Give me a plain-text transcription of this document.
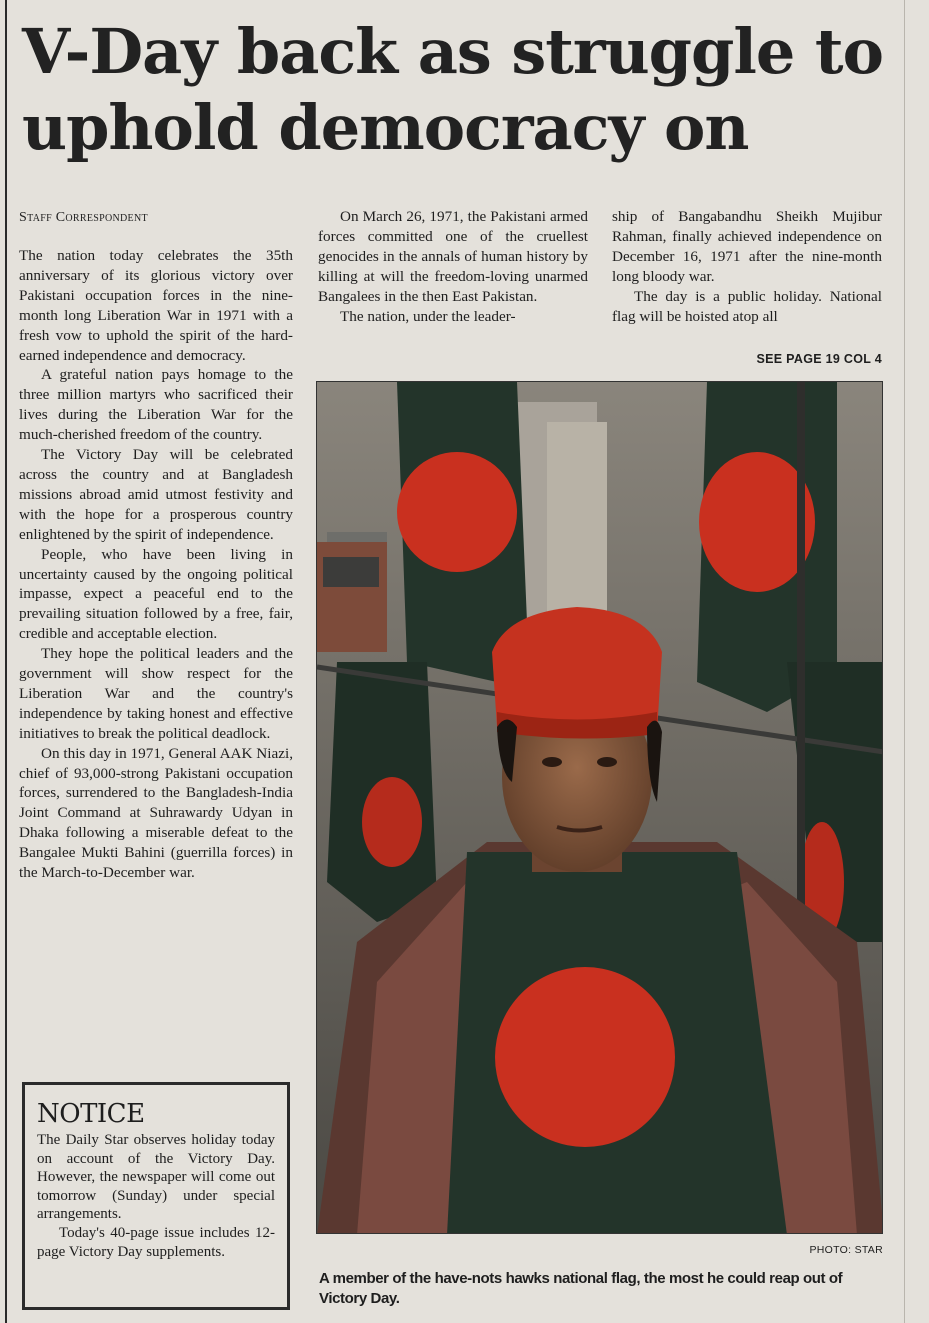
V-Day back as struggle to uphold democracy on
Staff Correspondent

The nation today celebrates the 35th anniversary of its glorious victory over Pakistani occupation forces in the nine-month long Liberation War in 1971 with a fresh vow to uphold the spirit of the hard-earned independence and democracy.

A grateful nation pays homage to the three million martyrs who sacrificed their lives during the Liberation War for the much-cherished freedom of the country.

The Victory Day will be celebrated across the country and at Bangladesh missions abroad amid utmost festivity and with the hope for a prosperous country enlightened by the spirit of independence.

People, who have been living in uncertainty caused by the ongoing political impasse, expect a peaceful end to the prevailing situation followed by a free, fair, credible and acceptable election.

They hope the political leaders and the government will show respect for the Liberation War and the country's independence by taking honest and effective initiatives to break the political deadlock.

On this day in 1971, General AAK Niazi, chief of 93,000-strong Pakistani occupation forces, surrendered to the Bangladesh-India Joint Command at Suhrawardy Udyan in Dhaka following a miserable defeat to the Bangalee Mukti Bahini (guerrilla forces) in the March-to-December war.

On March 26, 1971, the Pakistani armed forces committed one of the cruellest genocides in the annals of human history by killing at will the freedom-loving unarmed Bangalees in the then East Pakistan.

The nation, under the leader-

ship of Bangabandhu Sheikh Mujibur Rahman, finally achieved independence on December 16, 1971 after the nine-month long bloody war.

The day is a public holiday. National flag will be hoisted atop all

SEE PAGE 19 COL 4
NOTICE

The Daily Star observes holiday today on account of the Victory Day. However, the newspaper will come out tomorrow (Sunday) under special arrangements.

Today's 40-page issue includes 12-page Victory Day supplements.	PHOTO: STAR
A member of the have-nots hawks national flag, the most he could reap out of Victory Day.
